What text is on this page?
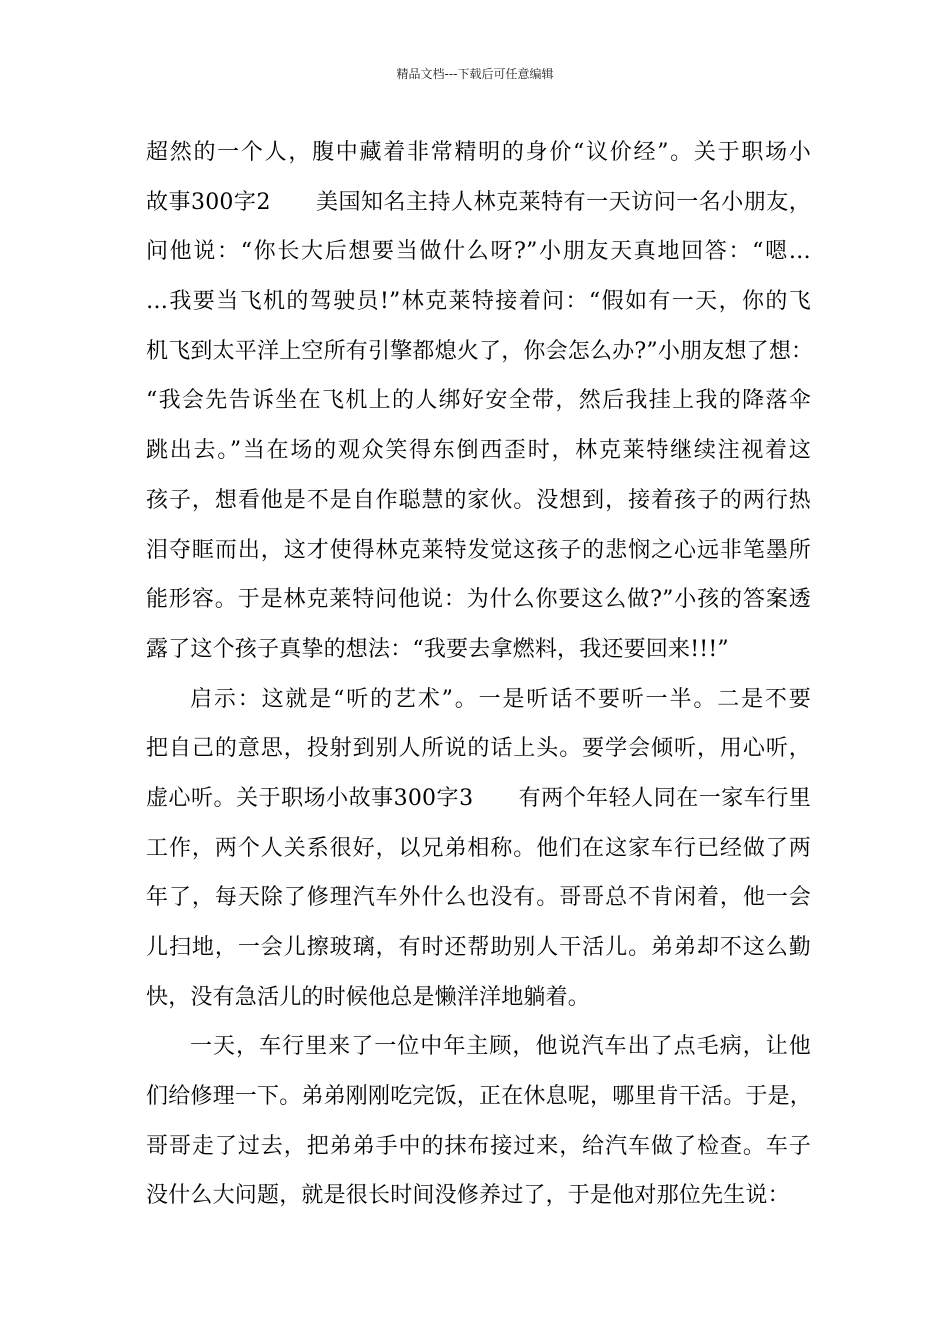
精品文档---下载后可任意编辑
超然的一个人，腹中藏着非常精明的身价“议价经”。关于职场小
故事300字2　　美国知名主持人林克莱特有一天访问一名小朋友，
问他说：“你长大后想要当做什么呀?”小朋友天真地回答：“嗯…
…我要当飞机的驾驶员!”林克莱特接着问：“假如有一天，你的飞
机飞到太平洋上空所有引擎都熄火了，你会怎么办?”小朋友想了想：
“我会先告诉坐在飞机上的人绑好安全带，然后我挂上我的降落伞
跳出去。”当在场的观众笑得东倒西歪时，林克莱特继续注视着这
孩子，想看他是不是自作聪慧的家伙。没想到，接着孩子的两行热
泪夺眶而出，这才使得林克莱特发觉这孩子的悲悯之心远非笔墨所
能形容。于是林克莱特问他说：为什么你要这么做?”小孩的答案透
露了这个孩子真挚的想法：“我要去拿燃料，我还要回来!!!”
启示：这就是“听的艺术”。一是听话不要听一半。二是不要
把自己的意思，投射到别人所说的话上头。要学会倾听，用心听，
虚心听。关于职场小故事300字3　　有两个年轻人同在一家车行里
工作，两个人关系很好，以兄弟相称。他们在这家车行已经做了两
年了，每天除了修理汽车外什么也没有。哥哥总不肯闲着，他一会
儿扫地，一会儿擦玻璃，有时还帮助别人干活儿。弟弟却不这么勤
快，没有急活儿的时候他总是懒洋洋地躺着。
一天，车行里来了一位中年主顾，他说汽车出了点毛病，让他
们给修理一下。弟弟刚刚吃完饭，正在休息呢，哪里肯干活。于是，
哥哥走了过去，把弟弟手中的抹布接过来，给汽车做了检查。车子
没什么大问题，就是很长时间没修养过了，于是他对那位先生说：
